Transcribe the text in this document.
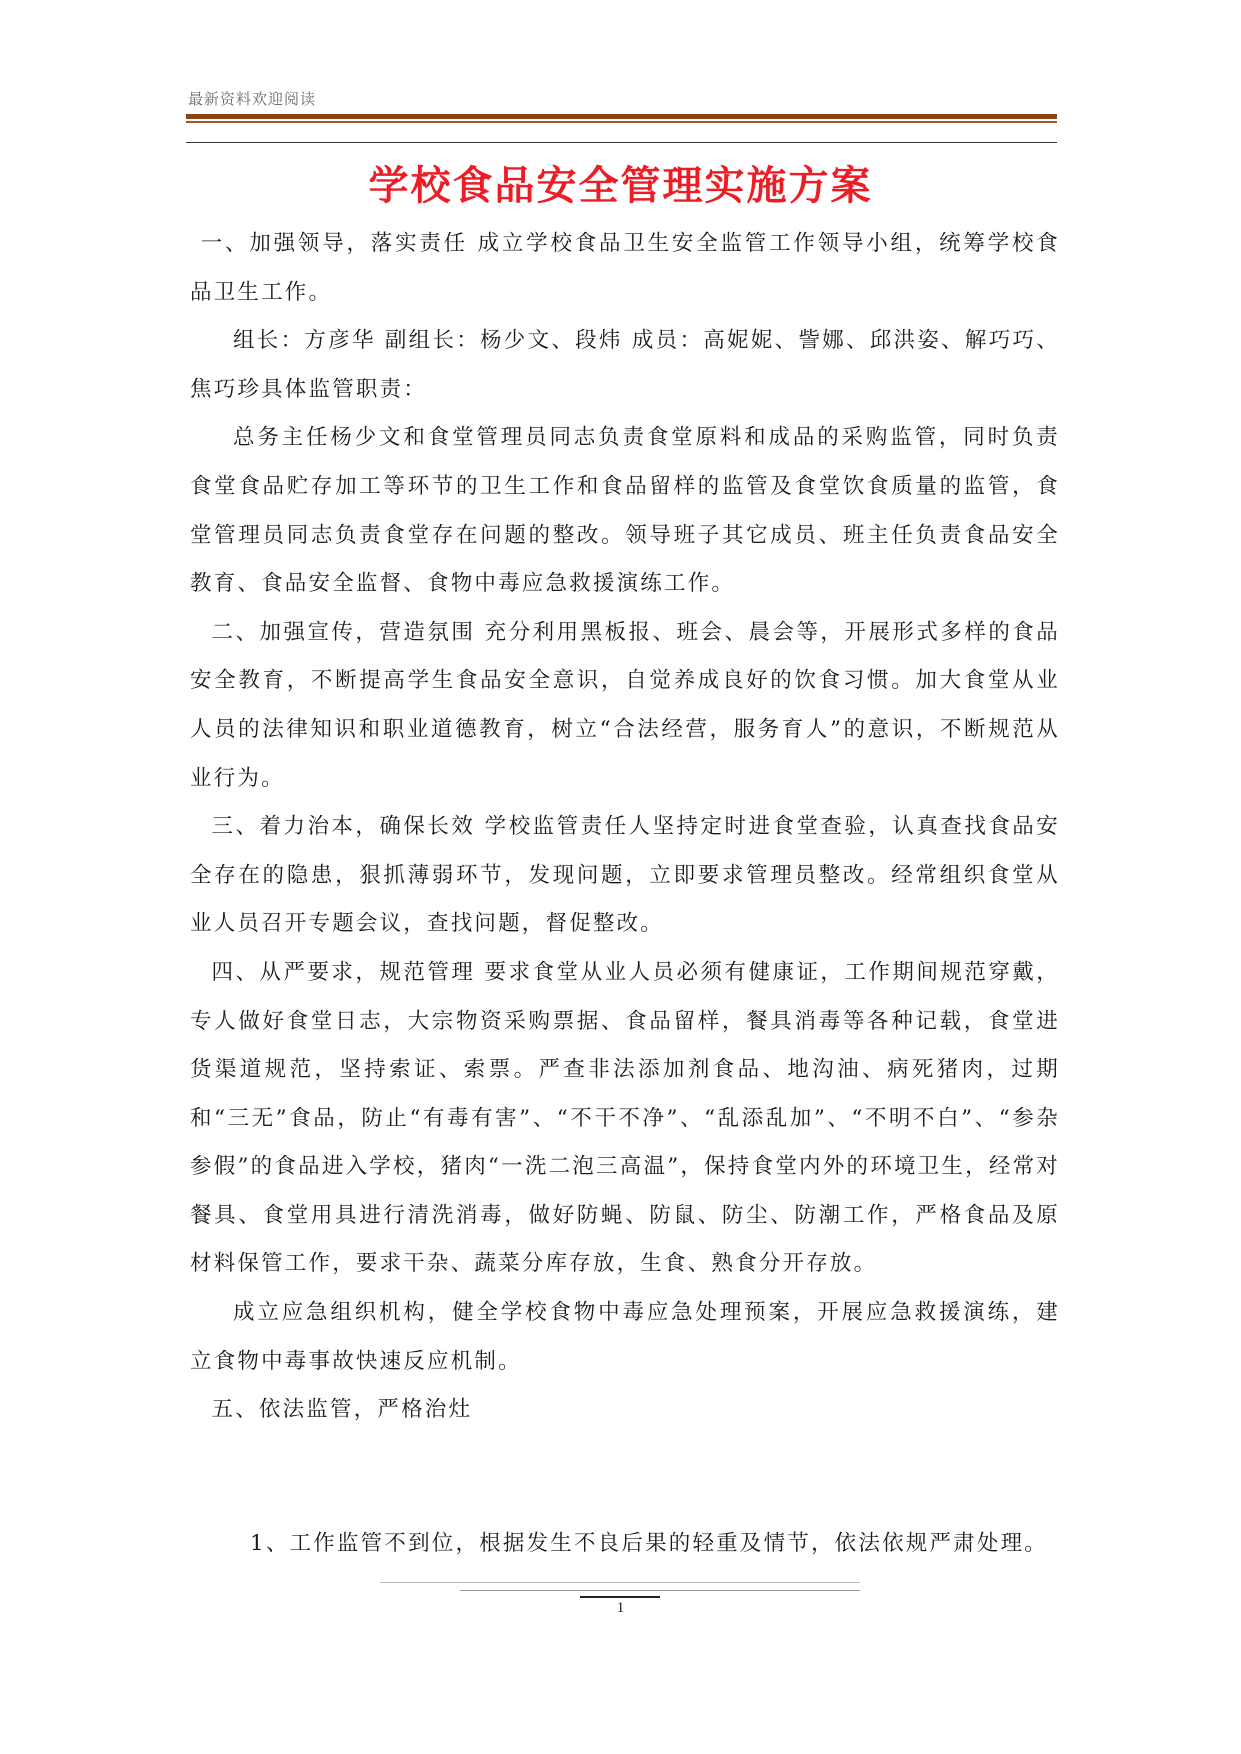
最新资料欢迎阅读
学校食品安全管理实施方案

一、加强领导，落实责任 成立学校食品卫生安全监管工作领导小组，统筹学校食品卫生工作。

组长：方彦华 副组长：杨少文、段炜 成员：高妮妮、訾娜、邱洪姿、解巧巧、焦巧珍具体监管职责：

总务主任杨少文和食堂管理员同志负责食堂原料和成品的采购监管，同时负责食堂食品贮存加工等环节的卫生工作和食品留样的监管及食堂饮食质量的监管，食堂管理员同志负责食堂存在问题的整改。领导班子其它成员、班主任负责食品安全教育、食品安全监督、食物中毒应急救援演练工作。

二、加强宣传，营造氛围 充分利用黑板报、班会、晨会等，开展形式多样的食品安全教育，不断提高学生食品安全意识，自觉养成良好的饮食习惯。加大食堂从业人员的法律知识和职业道德教育，树立“合法经营，服务育人”的意识，不断规范从业行为。

三、着力治本，确保长效 学校监管责任人坚持定时进食堂查验，认真查找食品安全存在的隐患，狠抓薄弱环节，发现问题，立即要求管理员整改。经常组织食堂从业人员召开专题会议，查找问题，督促整改。

四、从严要求，规范管理 要求食堂从业人员必须有健康证，工作期间规范穿戴，专人做好食堂日志，大宗物资采购票据、食品留样，餐具消毒等各种记载，食堂进货渠道规范，坚持索证、索票。严查非法添加剂食品、地沟油、病死猪肉，过期和“三无”食品，防止“有毒有害”、“不干不净”、“乱添乱加”、“不明不白”、“参杂参假”的食品进入学校，猪肉“一洗二泡三高温”，保持食堂内外的环境卫生，经常对餐具、食堂用具进行清洗消毒，做好防蝇、防鼠、防尘、防潮工作，严格食品及原材料保管工作，要求干杂、蔬菜分库存放，生食、熟食分开存放。

成立应急组织机构，健全学校食物中毒应急处理预案，开展应急救援演练，建立食物中毒事故快速反应机制。

五、依法监管，严格治灶

1、工作监管不到位，根据发生不良后果的轻重及情节，依法依规严肃处理。
1
